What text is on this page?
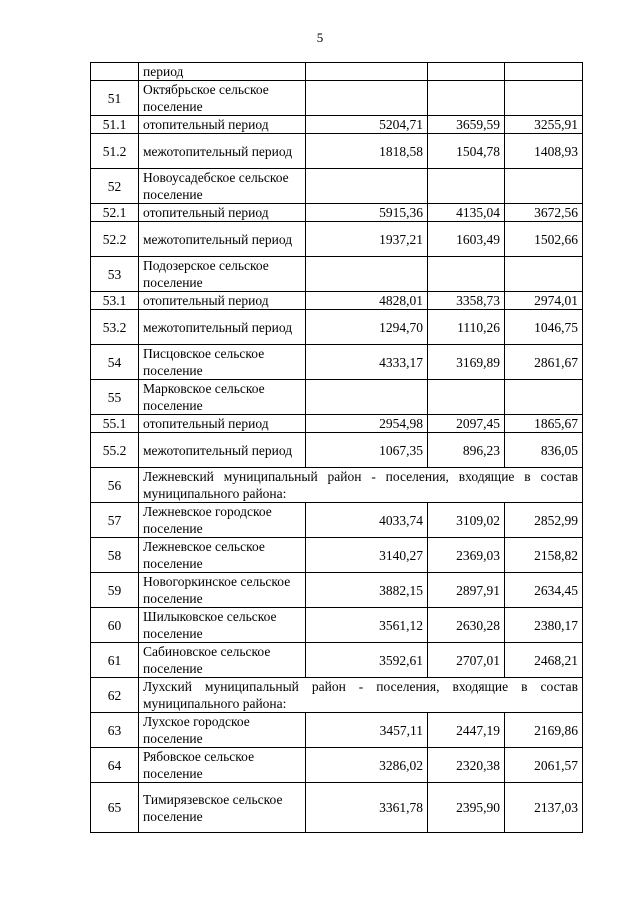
5
	период			
51	Октябрьское сельское поселение			
51.1	отопительный период	5204,71	3659,59	3255,91
51.2	межотопительный период	1818,58	1504,78	1408,93
52	Новоусадебское сельское поселение			
52.1	отопительный период	5915,36	4135,04	3672,56
52.2	межотопительный период	1937,21	1603,49	1502,66
53	Подозерское сельское поселение			
53.1	отопительный период	4828,01	3358,73	2974,01
53.2	межотопительный период	1294,70	1110,26	1046,75
54	Писцовское сельское поселение	4333,17	3169,89	2861,67
55	Марковское сельское поселение			
55.1	отопительный период	2954,98	2097,45	1865,67
55.2	межотопительный период	1067,35	896,23	836,05
56	Лежневский муниципальный район - поселения, входящие в состав муниципального района:			
57	Лежневское городское поселение	4033,74	3109,02	2852,99
58	Лежневское сельское поселение	3140,27	2369,03	2158,82
59	Новогоркинское сельское поселение	3882,15	2897,91	2634,45
60	Шилыковское сельское поселение	3561,12	2630,28	2380,17
61	Сабиновское сельское поселение	3592,61	2707,01	2468,21
62	Лухский муниципальный район - поселения, входящие в состав муниципального района:			
63	Лухское городское поселение	3457,11	2447,19	2169,86
64	Рябовское сельское поселение	3286,02	2320,38	2061,57
65	Тимирязевское сельское поселение	3361,78	2395,90	2137,03
